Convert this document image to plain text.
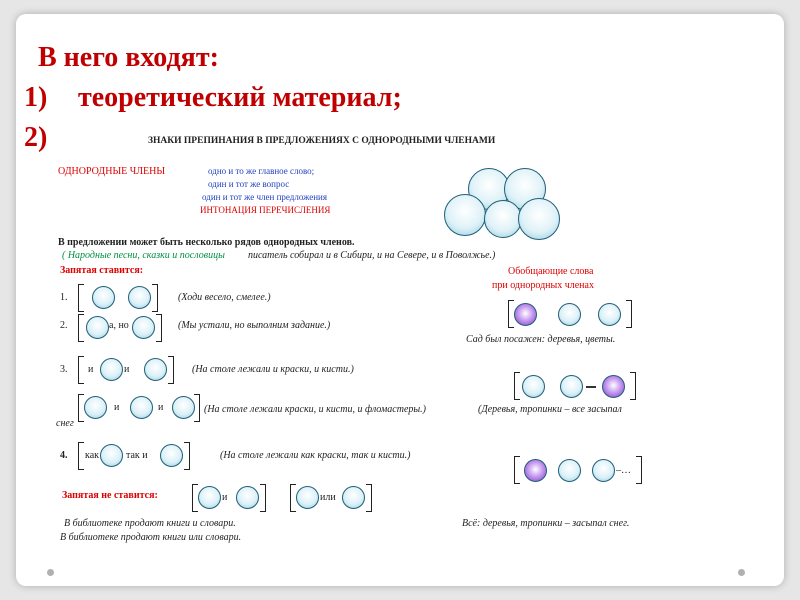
В него входят:
1) теоретический материал;
2)	ЗНАКИ ПРЕПИНАНИЯ В ПРЕДЛОЖЕНИЯХ С ОДНОРОДНЫМИ ЧЛЕНАМИ
ОДНОРОДНЫЕ ЧЛЕНЫ	одно и то же главное слово;
один и тот же вопрос
один и тот же член предложения
ИНТОНАЦИЯ ПЕРЕЧИСЛЕНИЯ
В предложении может быть несколько рядов однородных членов.
( Народные песни, сказки и пословицы писатель собирал и в Сибири, и на Севере, и в Поволжье.)
Запятая ставится:	Обобщающие слова
при однородных членах
1.	(Ходи весело, смелее.)
Сад был посажен: деревья, цветы.
2.	а, но	(Мы устали, но выполним задание.)
3. и	и	(На столе лежали и краски, и кисти.)
и	и	(На столе лежали краски, и кисти, и фломастеры.)	(Деревья, тропинки – все засыпал
снег
4. как	так и	(На столе лежали как краски, так и кисти.)
–…
Запятая не ставится:	и	или
В библиотеке продают книги и словари.	Всё: деревья, тропинки – засыпал снег.
В библиотеке продают книги или словари.
